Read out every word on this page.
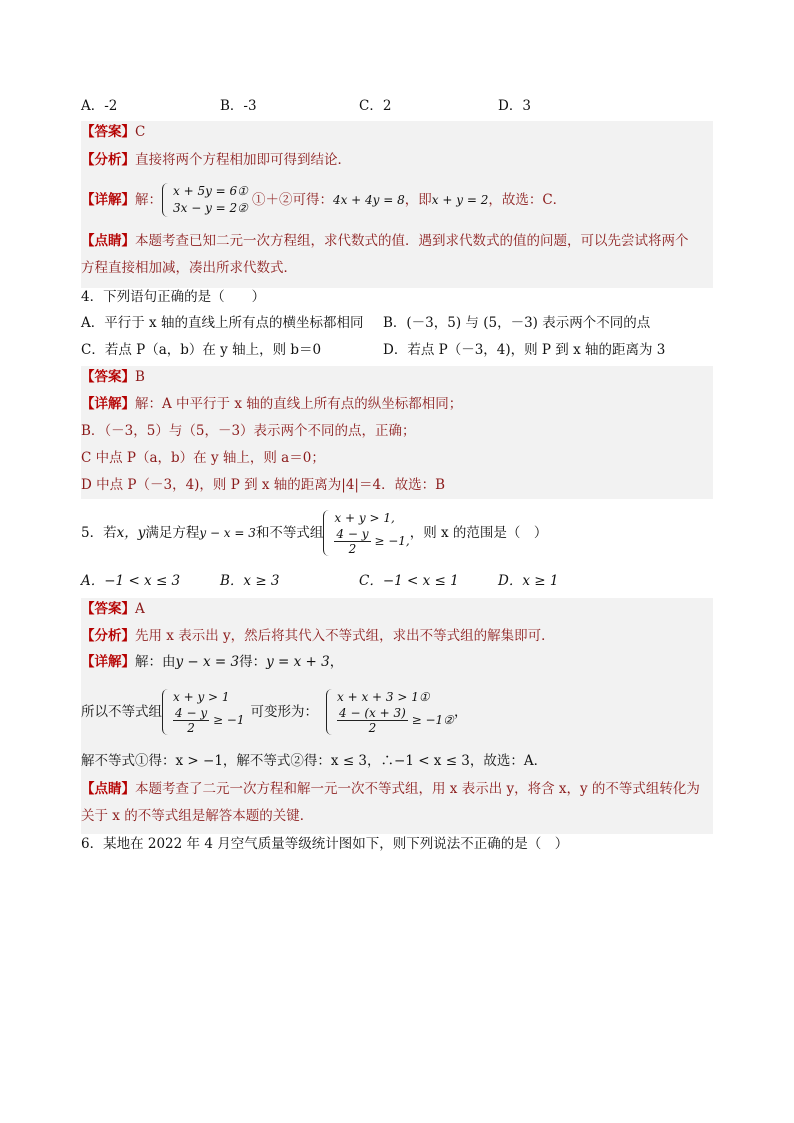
A．-2	B．-3	C．2	D．3
【答案】C
【分析】直接将两个方程相加即可得到结论．
【详解】 解：
x + 5y = 6①
3x − y = 2② ①＋②可得： 4x + 4y = 8 ，即 x + y = 2 ，故选：C．
【点睛】本题考查已知二元一次方程组，求代数式的值．遇到求代数式的值的问题，可以先尝试将两个
方程直接相加减，凑出所求代数式．
4．下列语句正确的是（　　）
A．平行于 x 轴的直线上所有点的横坐标都相同 B．(－3，5) 与 (5，－3) 表示两个不同的点
C．若点 P（a，b）在 y 轴上，则 b＝0	D．若点 P（－3，4)，则 P 到 x 轴的距离为 3
【答案】B
【详解】解：A 中平行于 x 轴的直线上所有点的纵坐标都相同；
B．（－3，5）与（5，－3）表示两个不同的点，正确；
C 中点 P（a，b）在 y 轴上，则 a＝0；
D 中点 P（－3，4)，则 P 到 x 轴的距离为|4|＝4．故选：B
5．若 x，y 满足方程 y − x = 3 和不等式组
x + y > 1,
$\frac{4 - y}{2} \ge -1$, ，则 x 的范围是（　）
A．−1 < x ≤ 3	B．x ≥ 3	C．−1 < x ≤ 1	D．x ≥ 1
【答案】A
【分析】先用 x 表示出 y，然后将其代入不等式组，求出不等式组的解集即可．
【详解】解：由y − x = 3得：y = x + 3，
所以不等式组
x + y > 1
$\frac{4 - y}{2} \ge -1$ 可变形为：
x + x + 3 > 1①
$\frac{4 - (x + 3)}{2}$ ≥ −1② ，
解不等式①得：x > −1，解不等式②得：x ≤ 3，∴−1 < x ≤ 3，故选：A．
【点睛】本题考查了二元一次方程和解一元一次不等式组，用 x 表示出 y，将含 x，y 的不等式组转化为
关于 x 的不等式组是解答本题的关键．
6．某地在 2022 年 4 月空气质量等级统计图如下，则下列说法不正确的是（　）
